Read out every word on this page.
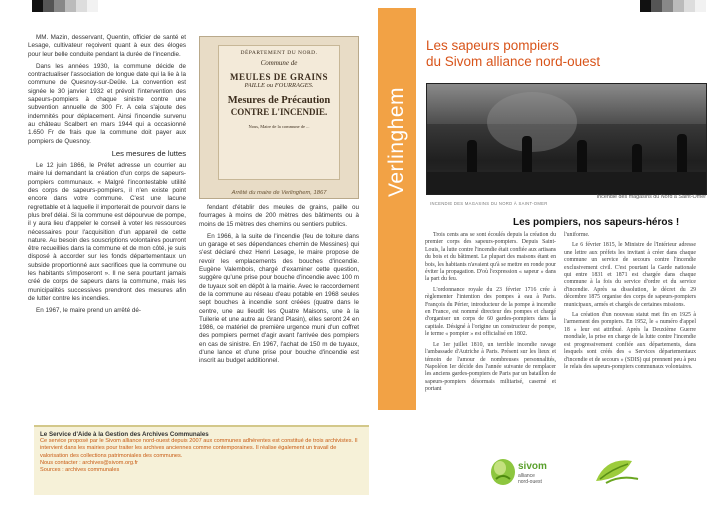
MM. Mazin, desservant, Quentin, officier de santé et Lesage, cultivateur reçoivent quant à eux des éloges pour leur belle conduite pendant la durée de l'incendie.

Dans les années 1930, la commune décide de contractualiser l'association de longue date qui la lie à la commune de Quesnoy-sur-Deûle. La convention est signée le 30 janvier 1932 et prévoit l'intervention des sapeurs-pompiers à chaque sinistre contre une subvention annuelle de 300 Fr. A cela s'ajoute des indemnités pour déplacement. Ainsi l'incendie survenu au château Scalbert en mars 1944 qui a occasionné 1.650 Fr de frais que la commune doit payer aux pompiers de Quesnoy.

Les mesures de luttes

Le 12 juin 1866, le Préfet adresse un courrier au maire lui demandant la création d'un corps de sapeurs-pompiers communaux. « Malgré l'incontestable utilité des corps de sapeurs-pompiers, il n'en existe point encore dans votre commune. C'est une lacune regrettable et à laquelle il importerait de pourvoir dans le plus bref délai. Si la commune est dépourvue de pompe, il y aura lieu d'appeler le conseil à voter les ressources nécessaires pour l'acquisition d'un appareil de cette nature. Au besoin des souscriptions volontaires pourront être recueillies dans la commune et de mon côté, je suis disposé à accorder sur les fonds départementaux un subside proportionné aux sacrifices que la commune ou les habitants s'imposeront ». Il ne sera pourtant jamais créé de corps de sapeurs dans la commune, mais les municipalités successives prendront des mesures afin de lutter contre les incendies.

En 1967, le maire prend un arrêté dé-

DÉPARTEMENT DU NORD.
Commune de
MEULES DE GRAINS
PAILLE ou FOURRAGES.
Mesures de Précaution
CONTRE L'INCENDIE.
Nous, Maire de la commune de ...
Arrêté du maire de Verlinghem, 1867

fendant d'établir des meules de grains, paille ou fourrages à moins de 200 mètres des bâtiments ou à moins de 15 mètres des chemins ou sentiers publics.

En 1966, à la suite de l'incendie (feu de toiture dans un garage et ses dépendances chemin de Messines) qui s'est déclaré chez Henri Lesage, le maire propose de revoir les emplacements des bouches d'incendie. Eugène Valembois, chargé d'examiner cette question, suggère qu'une prise pour bouche d'incendie avec 100 m de tuyaux soit en dépôt à la mairie. Avec le raccordement de la commune au réseau d'eau potable en 1968 seules sept bouches à incendie sont créées (quatre dans le centre, une au lieudit les Quatre Maisons, une à la Tuilerie et une autre au Grand Plasin), elles seront 24 en 1986, ce matériel de première urgence muni d'un coffret des pompiers permet d'agir avant l'arrivée des pompiers en cas de sinistre. En 1967, l'achat de 150 m de tuyaux, d'une lance et d'une prise pour bouche d'incendie est inscrit au budget additionnel.

Le Service d'Aide à la Gestion des Archives Communales
Ce service proposé par le Sivom alliance nord-ouest depuis 2007 aux communes adhérentes est constitué de trois archivistes. Il intervient dans les mairies pour traiter les archives anciennes comme contemporaines. Il réalise également un travail de valorisation des collections patrimoniales des communes.
Nous contacter : archives@sivom.org.fr
Sources : archives communales
Verlinghem
Les sapeurs pompiers
du Sivom alliance nord-ouest
Incendie des magasins du Nord à Saint-Omer
INCENDIE DES MAGASINS DU NORD À SAINT-OMER
Les pompiers, nos sapeurs-héros !

Trois cents ans se sont écoulés depuis la création du premier corps des sapeurs-pompiers. Depuis Saint-Louis, la lutte contre l'incendie était confiée aux artisans du bois et du bâtiment. Le plupart des maisons étant en bois, les habitants n'avaient qu'à se mettre en ronde pour éviter la propagation. D'où l'expression « sapeur » dans la part du feu.

L'ordonnance royale du 23 février 1716 crée à règlementer l'intention des pompes à eau à Paris. François du Périer, introducteur de la pompe à incendie en France, est nommé directeur des pompes et chargé d'organiser un corps de 60 gardes-pompiers dans la capitale. Désigné à l'origine un constructeur de pompe, le terme « pompier » est officialisé en 1802.

Le 1er juillet 1810, un terrible incendie ravage l'ambassade d'Autriche à Paris. Présent sur les lieux et témoin de l'amour de nombreuses personnalités, Napoléon Ier décide des l'année suivante de remplacer les anciens gardes-pompiers de Paris par un bataillon de sapeurs-pompiers désormais militarisé, caserné et portant

l'uniforme.

Le 6 février 1815, le Ministre de l'Intérieur adresse une lettre aux préfets les invitant à créer dans chaque commune un service de secours contre l'incendie exclusivement civil. C'est pourtant la Garde nationale qui entre 1831 et 1871 est chargée dans chaque commune à la fois du service d'ordre et du service d'incendie. Après sa dissolution, le décret du 29 décembre 1875 organise des corps de sapeurs-pompiers municipaux, armés et chargés de certaines missions.

La création d'un nouveau statut met fin en 1925 à l'armement des pompiers. En 1952, le « numéro d'appel 18 » leur est attribué. Après la Deuxième Guerre mondiale, la prise en charge de la lutte contre l'incendie est progressivement confiée aux départements, dans lesquels sont créés des « Services départementaux d'incendie et de secours » (SDIS) qui prennent peu à peu le relais des sapeurs-pompiers communaux volontaires.

sivom
alliance
nord-ouest
